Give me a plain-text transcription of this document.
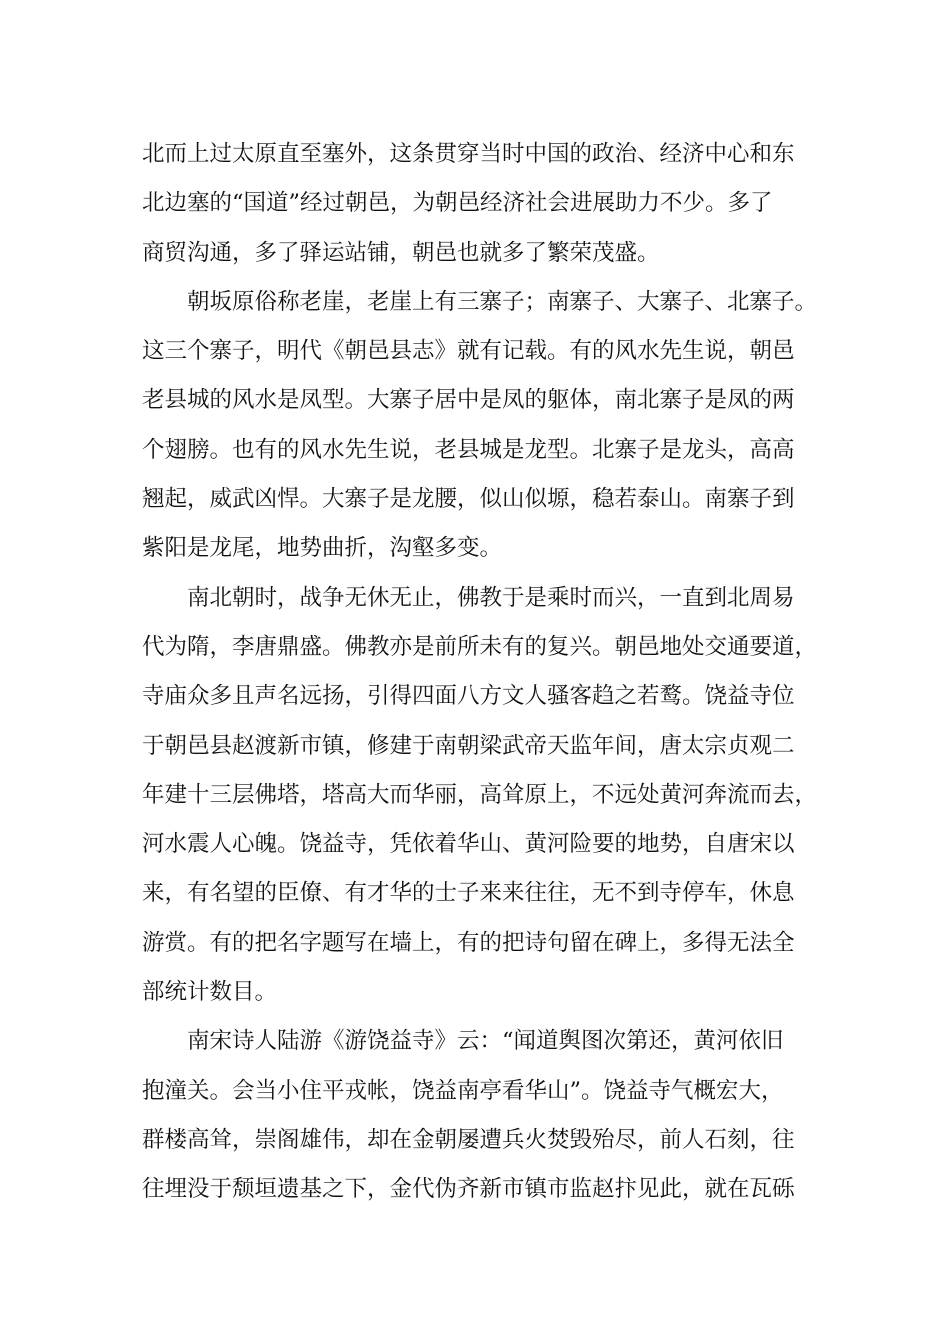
北而上过太原直至塞外，这条贯穿当时中国的政治、经济中心和东

北边塞的“国道”经过朝邑，为朝邑经济社会进展助力不少。多了

商贸沟通，多了驿运站铺，朝邑也就多了繁荣茂盛。

朝坂原俗称老崖，老崖上有三寨子；南寨子、大寨子、北寨子。

这三个寨子，明代《朝邑县志》就有记载。有的风水先生说，朝邑

老县城的风水是凤型。大寨子居中是凤的躯体，南北寨子是凤的两

个翅膀。也有的风水先生说，老县城是龙型。北寨子是龙头，高高

翘起，威武凶悍。大寨子是龙腰，似山似塬，稳若泰山。南寨子到

紫阳是龙尾，地势曲折，沟壑多变。

南北朝时，战争无休无止，佛教于是乘时而兴，一直到北周易

代为隋，李唐鼎盛。佛教亦是前所未有的复兴。朝邑地处交通要道，

寺庙众多且声名远扬，引得四面八方文人骚客趋之若鹜。饶益寺位

于朝邑县赵渡新市镇，修建于南朝梁武帝天监年间，唐太宗贞观二

年建十三层佛塔，塔高大而华丽，高耸原上，不远处黄河奔流而去，

河水震人心魄。饶益寺，凭依着华山、黄河险要的地势，自唐宋以

来，有名望的臣僚、有才华的士子来来往往，无不到寺停车，休息

游赏。有的把名字题写在墙上，有的把诗句留在碑上，多得无法全

部统计数目。

南宋诗人陆游《游饶益寺》云：“闻道舆图次第还，黄河依旧

抱潼关。会当小住平戎帐，饶益南亭看华山”。饶益寺气概宏大，

群楼高耸，崇阁雄伟，却在金朝屡遭兵火焚毁殆尽，前人石刻，往

往埋没于颓垣遗基之下，金代伪齐新市镇市监赵抃见此，就在瓦砾
